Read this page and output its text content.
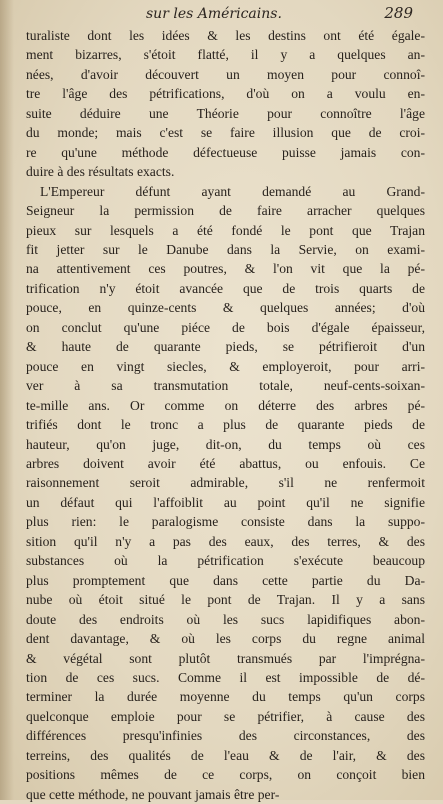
sur les Américains.	289
turaliste dont les idées & les destins ont été égale-
ment bizarres, s'étoit flatté, il y a quelques an-
nées, d'avoir découvert un moyen pour connoî-
tre l'âge des pétrifications, d'où on a voulu en-
suite déduire une Théorie pour connoître l'âge
du monde; mais c'est se faire illusion que de croi-
re qu'une méthode défectueuse puisse jamais con-
duire à des résultats exacts.
L'Empereur défunt ayant demandé au Grand-
Seigneur la permission de faire arracher quelques
pieux sur lesquels a été fondé le pont que Trajan
fit jetter sur le Danube dans la Servie, on exami-
na attentivement ces poutres, & l'on vit que la pé-
trification n'y étoit avancée que de trois quarts de
pouce, en quinze-cents & quelques années; d'où
on conclut qu'une piéce de bois d'égale épaisseur,
& haute de quarante pieds, se pétrifieroit d'un
pouce en vingt siecles, & employeroit, pour arri-
ver à sa transmutation totale, neuf-cents-soixan-
te-mille ans. Or comme on déterre des arbres pé-
trifiés dont le tronc a plus de quarante pieds de
hauteur, qu'on juge, dit-on, du temps où ces
arbres doivent avoir été abattus, ou enfouis. Ce
raisonnement seroit admirable, s'il ne renfermoit
un défaut qui l'affoiblit au point qu'il ne signifie
plus rien: le paralogisme consiste dans la suppo-
sition qu'il n'y a pas des eaux, des terres, & des
substances où la pétrification s'exécute beaucoup
plus promptement que dans cette partie du Da-
nube où étoit situé le pont de Trajan. Il y a sans
doute des endroits où les sucs lapidifiques abon-
dent davantage, & où les corps du regne animal
& végétal sont plutôt transmués par l'imprégna-
tion de ces sucs. Comme il est impossible de dé-
terminer la durée moyenne du temps qu'un corps
quelconque emploie pour se pétrifier, à cause des
différences presqu'infinies des circonstances, des
terreins, des qualités de l'eau & de l'air, & des
positions mêmes de ce corps, on conçoit bien
que cette méthode, ne pouvant jamais être per-
